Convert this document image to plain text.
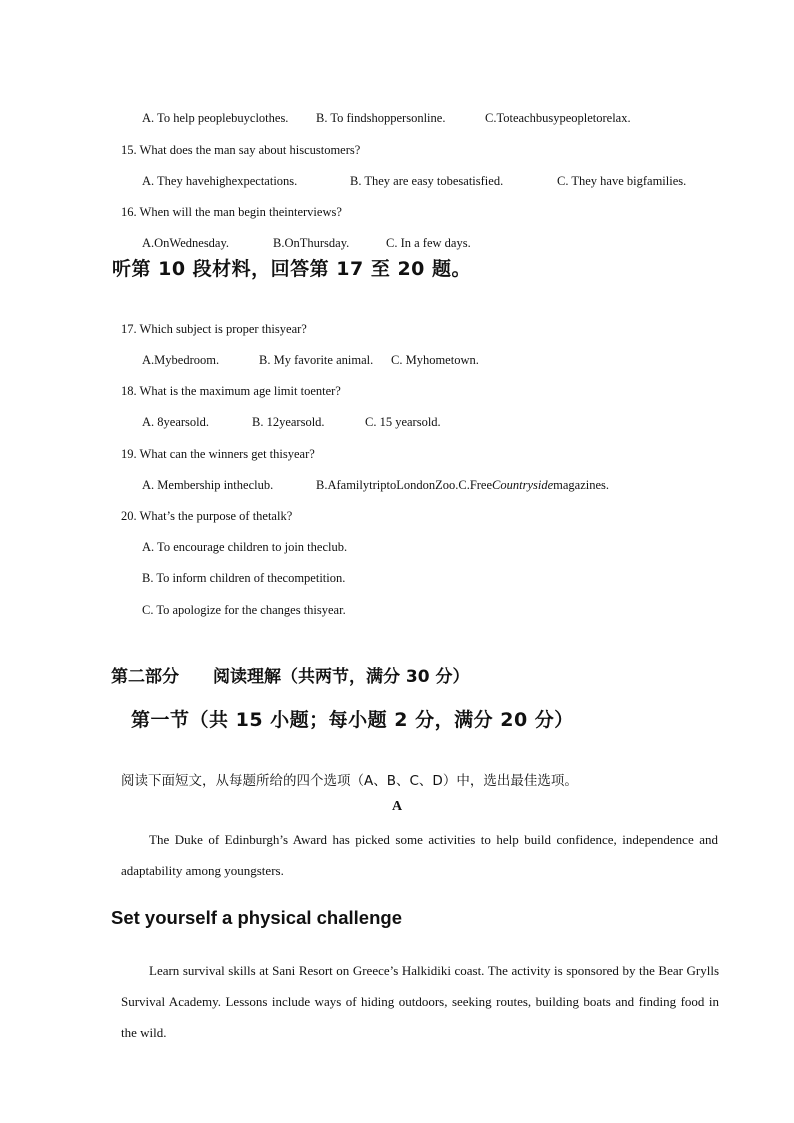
A. To help peoplebuyclothes. B. To findshoppersonline.	C.Toteachbusypeopletorelax.
15. What does the man say about hiscustomers?
A. They havehighexpectations.	B. They are easy tobesatisfied.	C. They have bigfamilies.
16. When will the man begin theinterviews?
A.OnWednesday.	B.OnThursday.	C. In a few days.
听第 10 段材料，回答第 17 至 20 题。
17. Which subject is proper thisyear?
A.Mybedroom.	B. My favorite animal. C. Myhometown.
18. What is the maximum age limit toenter?
A. 8yearsold.	B. 12yearsold.	C. 15 yearsold.
19. What can the winners get thisyear?
A. Membership intheclub.	B.AfamilytriptoLondonZoo.C.FreeCountrysidemagazines.
20. What’s the purpose of thetalk?
A. To encourage children to join theclub.
B. To inform children of thecompetition.
C. To apologize for the changes thisyear.
第二部分　　阅读理解（共两节，满分 30 分）
第一节（共 15 小题；每小题 2 分，满分 20 分）
阅读下面短文，从每题所给的四个选项（A、B、C、D）中，选出最佳选项。
A
The Duke of Edinburgh’s Award has picked some activities to help build confidence, independence and adaptability among youngsters.
Set yourself a physical challenge
Learn survival skills at Sani Resort on Greece’s Halkidiki coast. The activity is sponsored by the Bear Grylls Survival Academy. Lessons include ways of hiding outdoors, seeking routes, building boats and finding food in the wild.
